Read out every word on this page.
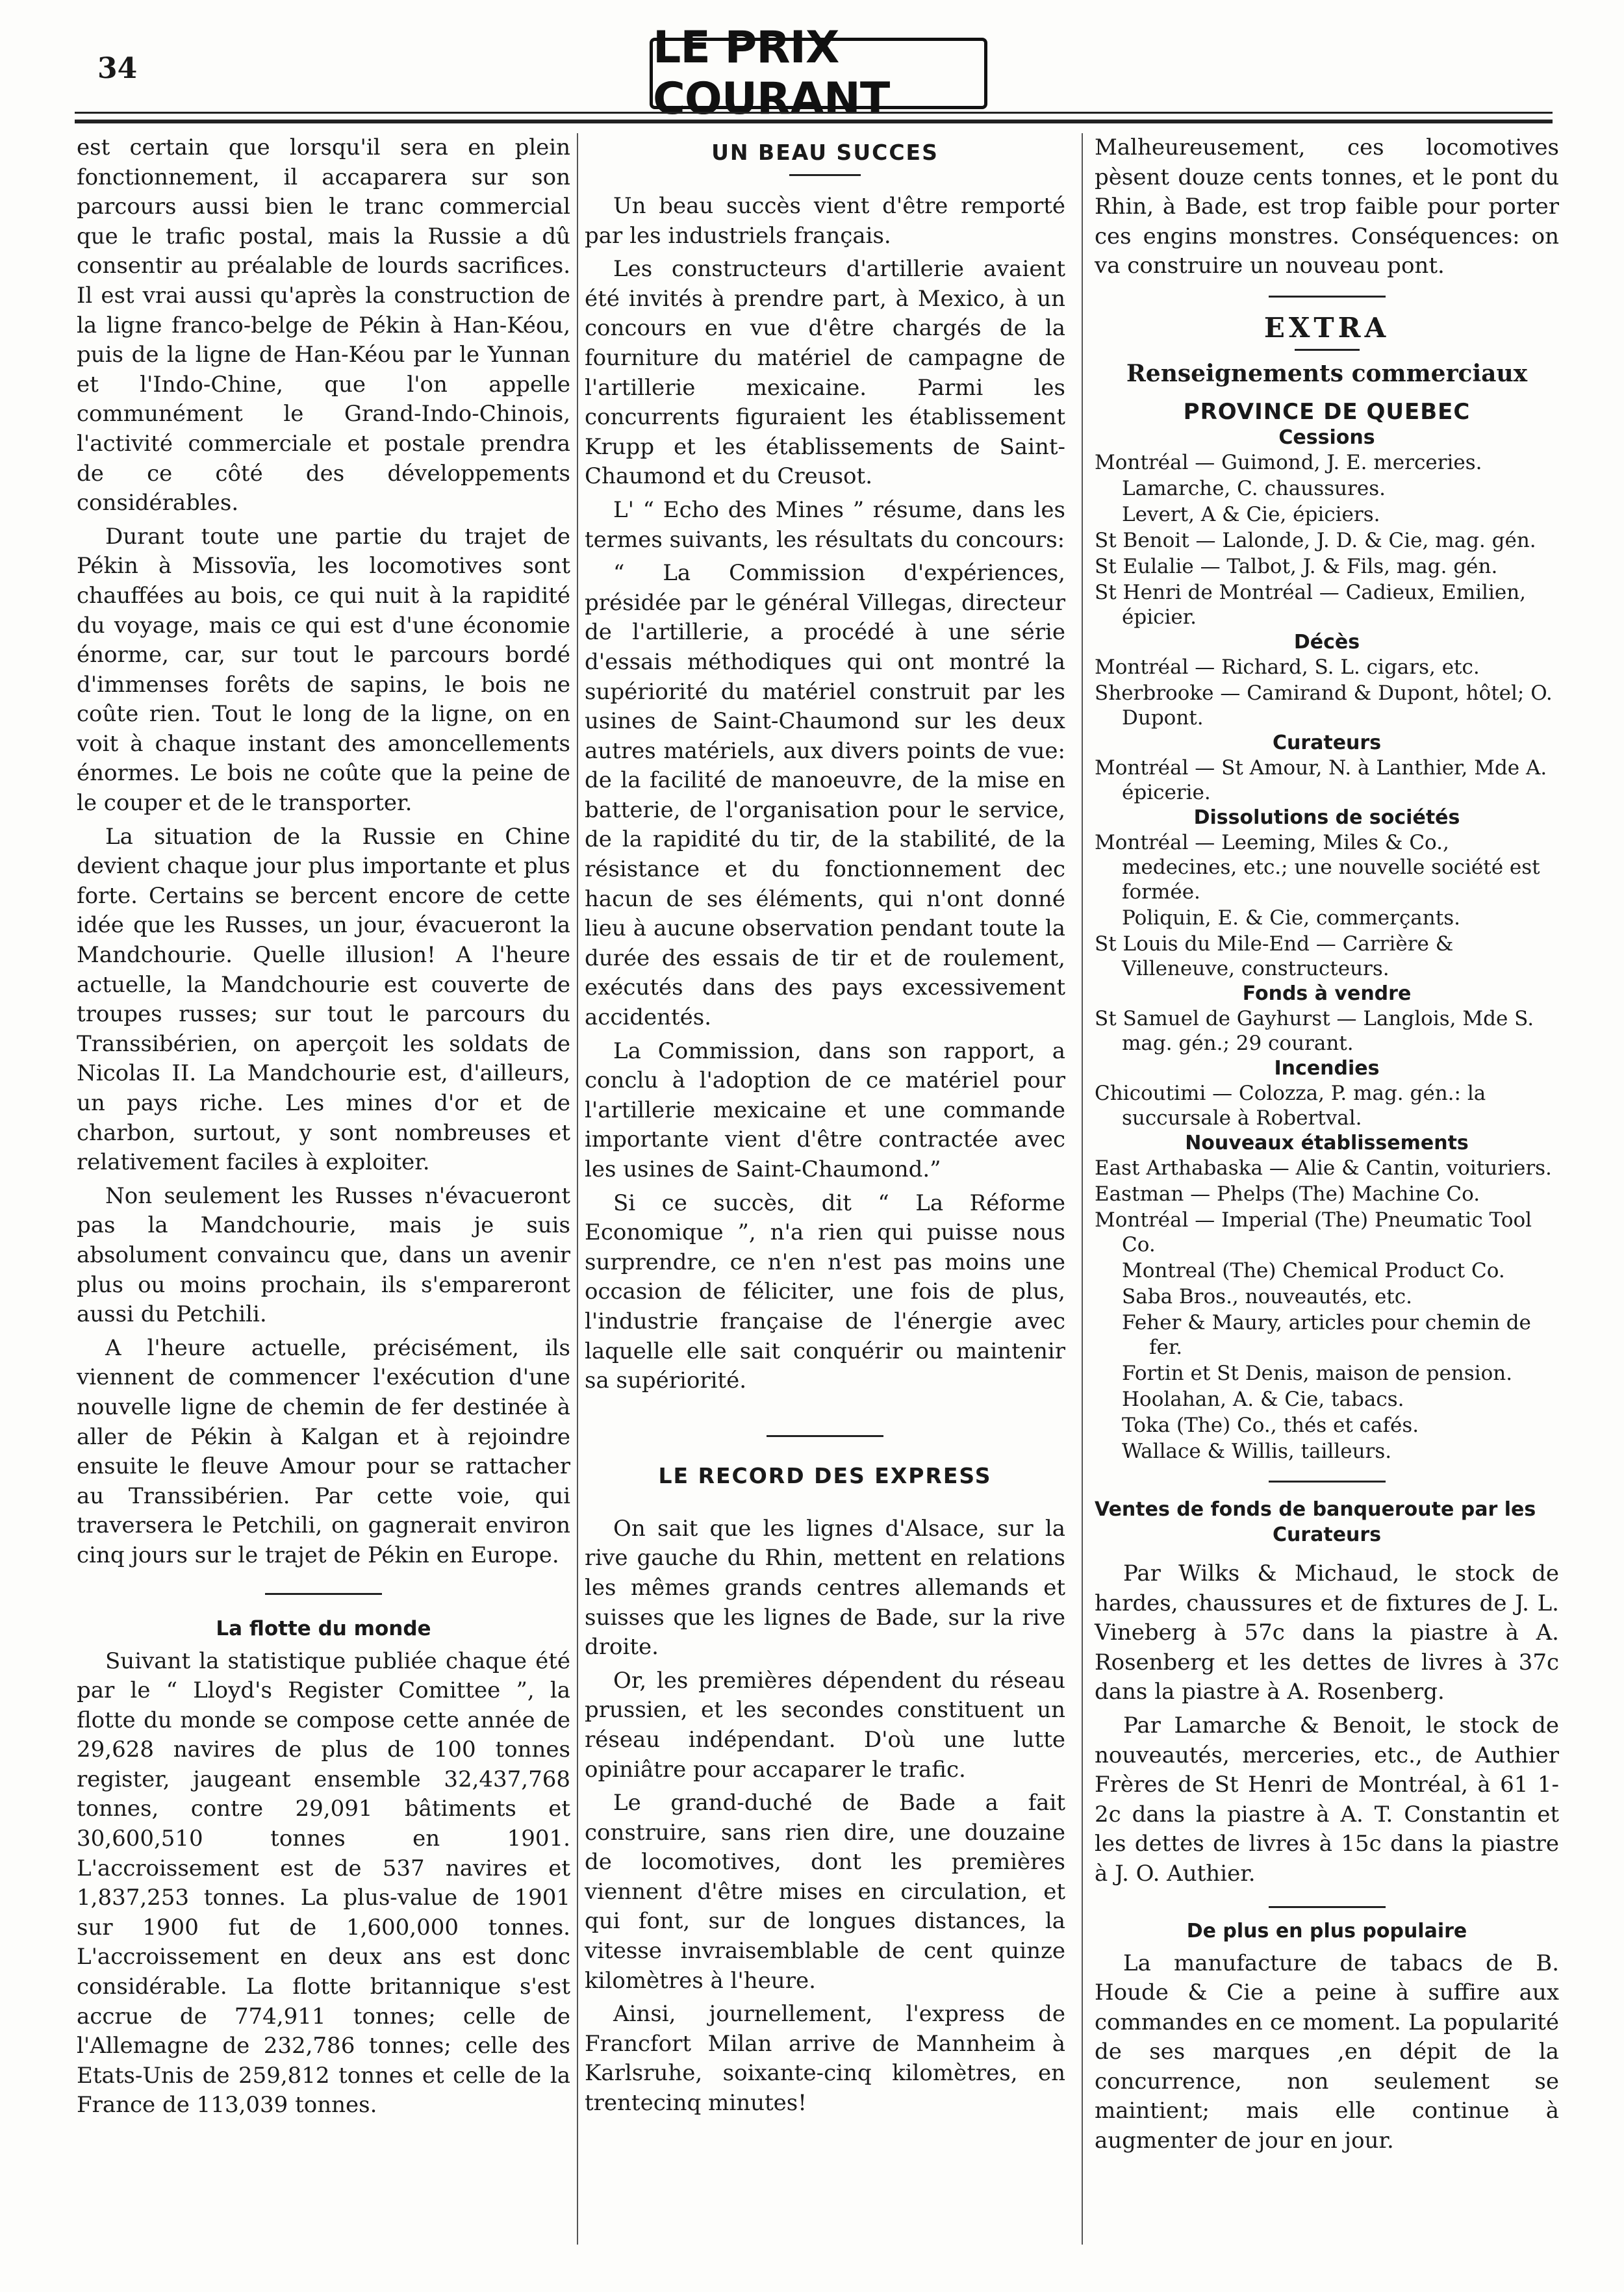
34	LE PRIX COURANT

est certain que lorsqu'il sera en plein fonctionnement, il accaparera sur son parcours aussi bien le tranc commercial que le trafic postal, mais la Russie a dû consentir au préalable de lourds sacrifices. Il est vrai aussi qu'après la construction de la ligne franco-belge de Pékin à Han-Kéou, puis de la ligne de Han-Kéou par le Yunnan et l'Indo-Chine, que l'on appelle communément le Grand-Indo-Chinois, l'activité commerciale et postale prendra de ce côté des développements considérables.

Durant toute une partie du trajet de Pékin à Missovïa, les locomotives sont chauffées au bois, ce qui nuit à la rapidité du voyage, mais ce qui est d'une économie énorme, car, sur tout le parcours bordé d'immenses forêts de sapins, le bois ne coûte rien. Tout le long de la ligne, on en voit à chaque instant des amoncellements énormes. Le bois ne coûte que la peine de le couper et de le transporter.

La situation de la Russie en Chine devient chaque jour plus importante et plus forte. Certains se bercent encore de cette idée que les Russes, un jour, évacueront la Mandchourie. Quelle illusion! A l'heure actuelle, la Mandchourie est couverte de troupes russes; sur tout le parcours du Transsibérien, on aperçoit les soldats de Nicolas II. La Mandchourie est, d'ailleurs, un pays riche. Les mines d'or et de charbon, surtout, y sont nombreuses et relativement faciles à exploiter.

Non seulement les Russes n'évacueront pas la Mandchourie, mais je suis absolument convaincu que, dans un avenir plus ou moins prochain, ils s'empareront aussi du Petchili.

A l'heure actuelle, précisément, ils viennent de commencer l'exécution d'une nouvelle ligne de chemin de fer destinée à aller de Pékin à Kalgan et à rejoindre ensuite le fleuve Amour pour se rattacher au Transsibérien. Par cette voie, qui traversera le Petchili, on gagnerait environ cinq jours sur le trajet de Pékin en Europe.

La flotte du monde

Suivant la statistique publiée chaque été par le “ Lloyd's Register Comittee ”, la flotte du monde se compose cette année de 29,628 navires de plus de 100 tonnes register, jaugeant ensemble 32,437,768 tonnes, contre 29,091 bâtiments et 30,600,510 tonnes en 1901. L'accroissement est de 537 navires et 1,837,253 tonnes. La plus-value de 1901 sur 1900 fut de 1,600,000 tonnes. L'accroissement en deux ans est donc considérable. La flotte britannique s'est accrue de 774,911 tonnes; celle de l'Allemagne de 232,786 tonnes; celle des Etats-Unis de 259,812 tonnes et celle de la France de 113,039 tonnes.

UN BEAU SUCCES

Un beau succès vient d'être remporté par les industriels français.

Les constructeurs d'artillerie avaient été invités à prendre part, à Mexico, à un concours en vue d'être chargés de la fourniture du matériel de campagne de l'artillerie mexicaine. Parmi les concurrents figuraient les établissement Krupp et les établissements de Saint-Chaumond et du Creusot.

L' “ Echo des Mines ” résume, dans les termes suivants, les résultats du concours:

“ La Commission d'expériences, présidée par le général Villegas, directeur de l'artillerie, a procédé à une série d'essais méthodiques qui ont montré la supériorité du matériel construit par les usines de Saint-Chaumond sur les deux autres matériels, aux divers points de vue: de la facilité de manoeuvre, de la mise en batterie, de l'organisation pour le service, de la rapidité du tir, de la stabilité, de la résistance et du fonctionnement dec hacun de ses éléments, qui n'ont donné lieu à aucune observation pendant toute la durée des essais de tir et de roulement, exécutés dans des pays excessivement accidentés.

La Commission, dans son rapport, a conclu à l'adoption de ce matériel pour l'artillerie mexicaine et une commande importante vient d'être contractée avec les usines de Saint-Chaumond.”

Si ce succès, dit “ La Réforme Economique ”, n'a rien qui puisse nous surprendre, ce n'en n'est pas moins une occasion de féliciter, une fois de plus, l'industrie française de l'énergie avec laquelle elle sait conquérir ou maintenir sa supériorité.

LE RECORD DES EXPRESS

On sait que les lignes d'Alsace, sur la rive gauche du Rhin, mettent en relations les mêmes grands centres allemands et suisses que les lignes de Bade, sur la rive droite.

Or, les premières dépendent du réseau prussien, et les secondes constituent un réseau indépendant. D'où une lutte opiniâtre pour accaparer le trafic.

Le grand-duché de Bade a fait construire, sans rien dire, une douzaine de locomotives, dont les premières viennent d'être mises en circulation, et qui font, sur de longues distances, la vitesse invraisemblable de cent quinze kilomètres à l'heure.

Ainsi, journellement, l'express de Francfort Milan arrive de Mannheim à Karlsruhe, soixante-cinq kilomètres, en trentecinq minutes!

Malheureusement, ces locomotives pèsent douze cents tonnes, et le pont du Rhin, à Bade, est trop faible pour porter ces engins monstres. Conséquences: on va construire un nouveau pont.

EXTRA
Renseignements commerciaux
PROVINCE DE QUEBEC
Cessions
Montréal — Guimond, J. E. merceries.
Lamarche, C. chaussures.
Levert, A & Cie, épiciers.
St Benoit — Lalonde, J. D. & Cie, mag. gén.
St Eulalie — Talbot, J. & Fils, mag. gén.
St Henri de Montréal — Cadieux, Emilien, épicier.
Décès
Montréal — Richard, S. L. cigars, etc.
Sherbrooke — Camirand & Dupont, hôtel; O. Dupont.
Curateurs
Montréal — St Amour, N. à Lanthier, Mde A. épicerie.
Dissolutions de sociétés
Montréal — Leeming, Miles & Co., medecines, etc.; une nouvelle société est formée.
Poliquin, E. & Cie, commerçants.
St Louis du Mile-End — Carrière & Villeneuve, constructeurs.
Fonds à vendre
St Samuel de Gayhurst — Langlois, Mde S. mag. gén.; 29 courant.
Incendies
Chicoutimi — Colozza, P. mag. gén.: la succursale à Robertval.
Nouveaux établissements
East Arthabaska — Alie & Cantin, voituriers.
Eastman — Phelps (The) Machine Co.
Montréal — Imperial (The) Pneumatic Tool Co.
Montreal (The) Chemical Product Co.
Saba Bros., nouveautés, etc.
Feher & Maury, articles pour chemin de fer.
Fortin et St Denis, maison de pension.
Hoolahan, A. & Cie, tabacs.
Toka (The) Co., thés et cafés.
Wallace & Willis, tailleurs.
Ventes de fonds de banqueroute par les
Curateurs

Par Wilks & Michaud, le stock de hardes, chaussures et de fixtures de J. L. Vineberg à 57c dans la piastre à A. Rosenberg et les dettes de livres à 37c dans la piastre à A. Rosenberg.

Par Lamarche & Benoit, le stock de nouveautés, merceries, etc., de Authier Frères de St Henri de Montréal, à 61 1-2c dans la piastre à A. T. Constantin et les dettes de livres à 15c dans la piastre à J. O. Authier.

De plus en plus populaire

La manufacture de tabacs de B. Houde & Cie a peine à suffire aux commandes en ce moment. La popularité de ses marques ,en dépit de la concurrence, non seulement se maintient; mais elle continue à augmenter de jour en jour.
